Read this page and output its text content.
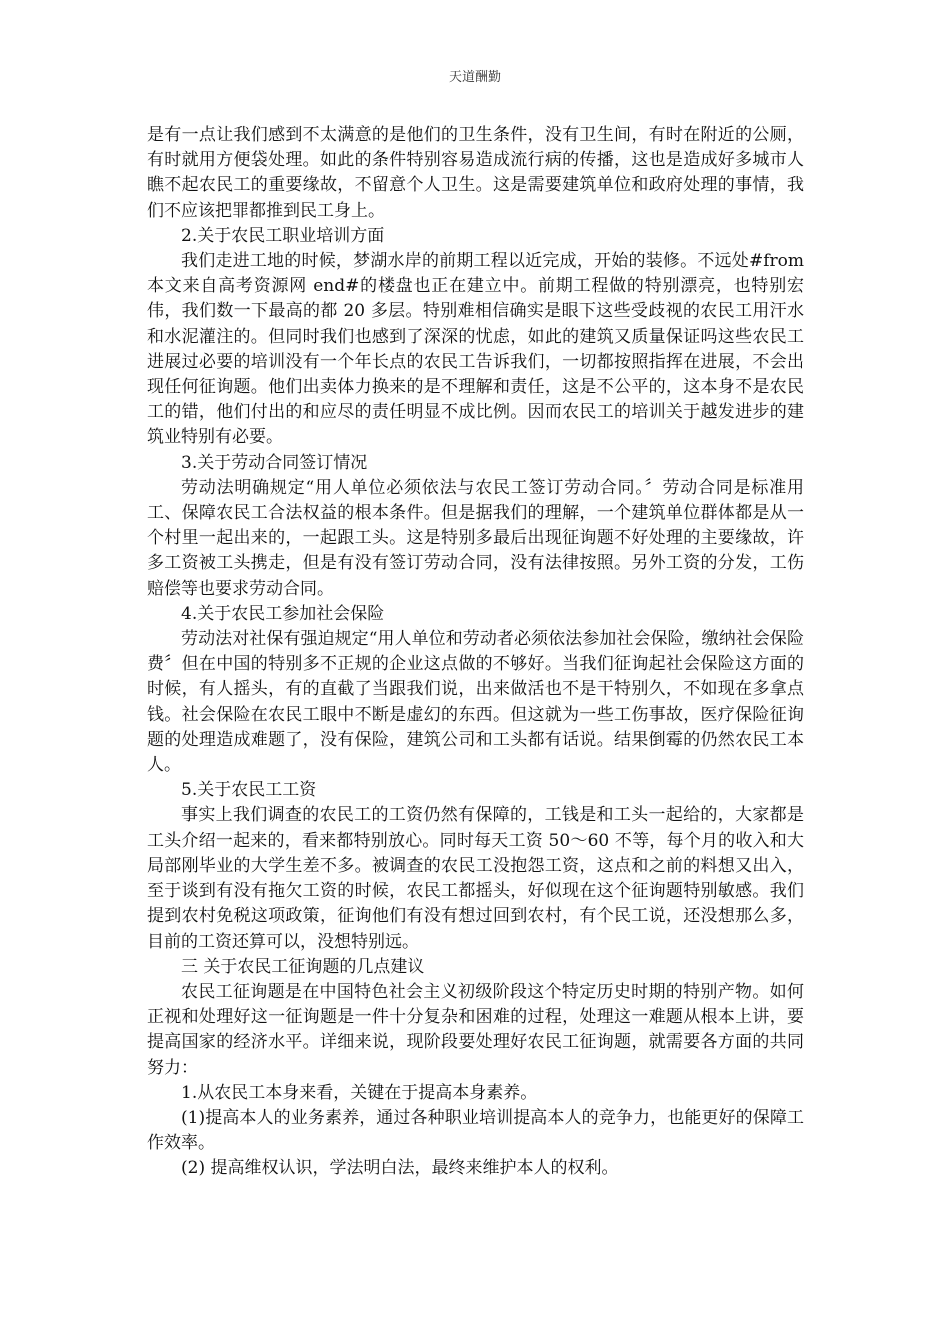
天道酬勤

是有一点让我们感到不太满意的是他们的卫生条件，没有卫生间，有时在附近的公厕，有时就用方便袋处理。如此的条件特别容易造成流行病的传播，这也是造成好多城市人瞧不起农民工的重要缘故，不留意个人卫生。这是需要建筑单位和政府处理的事情，我们不应该把罪都推到民工身上。

2.关于农民工职业培训方面

我们走进工地的时候，梦湖水岸的前期工程以近完成，开始的装修。不远处#from 本文来自高考资源网 end#的楼盘也正在建立中。前期工程做的特别漂亮，也特别宏伟，我们数一下最高的都 20 多层。特别难相信确实是眼下这些受歧视的农民工用汗水和水泥灌注的。但同时我们也感到了深深的忧虑，如此的建筑又质量保证吗这些农民工进展过必要的培训没有一个年长点的农民工告诉我们，一切都按照指挥在进展，不会出现任何征询题。他们出卖体力换来的是不理解和责任，这是不公平的，这本身不是农民工的错，他们付出的和应尽的责任明显不成比例。因而农民工的培训关于越发进步的建筑业特别有必要。

3.关于劳动合同签订情况

劳动法明确规定“用人单位必须依法与农民工签订劳动合同。〞劳动合同是标准用工、保障农民工合法权益的根本条件。但是据我们的理解，一个建筑单位群体都是从一个村里一起出来的，一起跟工头。这是特别多最后出现征询题不好处理的主要缘故，许多工资被工头携走，但是有没有签订劳动合同，没有法律按照。另外工资的分发，工伤赔偿等也要求劳动合同。

4.关于农民工参加社会保险

劳动法对社保有强迫规定“用人单位和劳动者必须依法参加社会保险，缴纳社会保险费〞但在中国的特别多不正规的企业这点做的不够好。当我们征询起社会保险这方面的时候，有人摇头，有的直截了当跟我们说，出来做活也不是干特别久，不如现在多拿点钱。社会保险在农民工眼中不断是虚幻的东西。但这就为一些工伤事故，医疗保险征询题的处理造成难题了，没有保险，建筑公司和工头都有话说。结果倒霉的仍然农民工本人。

5.关于农民工工资

事实上我们调查的农民工的工资仍然有保障的，工钱是和工头一起给的，大家都是工头介绍一起来的，看来都特别放心。同时每天工资 50～60 不等，每个月的收入和大局部刚毕业的大学生差不多。被调查的农民工没抱怨工资，这点和之前的料想又出入，至于谈到有没有拖欠工资的时候，农民工都摇头，好似现在这个征询题特别敏感。我们提到农村免税这项政策，征询他们有没有想过回到农村，有个民工说，还没想那么多，目前的工资还算可以，没想特别远。

三 关于农民工征询题的几点建议

农民工征询题是在中国特色社会主义初级阶段这个特定历史时期的特别产物。如何正视和处理好这一征询题是一件十分复杂和困难的过程，处理这一难题从根本上讲，要提高国家的经济水平。详细来说，现阶段要处理好农民工征询题，就需要各方面的共同努力：

1.从农民工本身来看，关键在于提高本身素养。

(1)提高本人的业务素养，通过各种职业培训提高本人的竞争力，也能更好的保障工作效率。

(2) 提高维权认识，学法明白法，最终来维护本人的权利。
